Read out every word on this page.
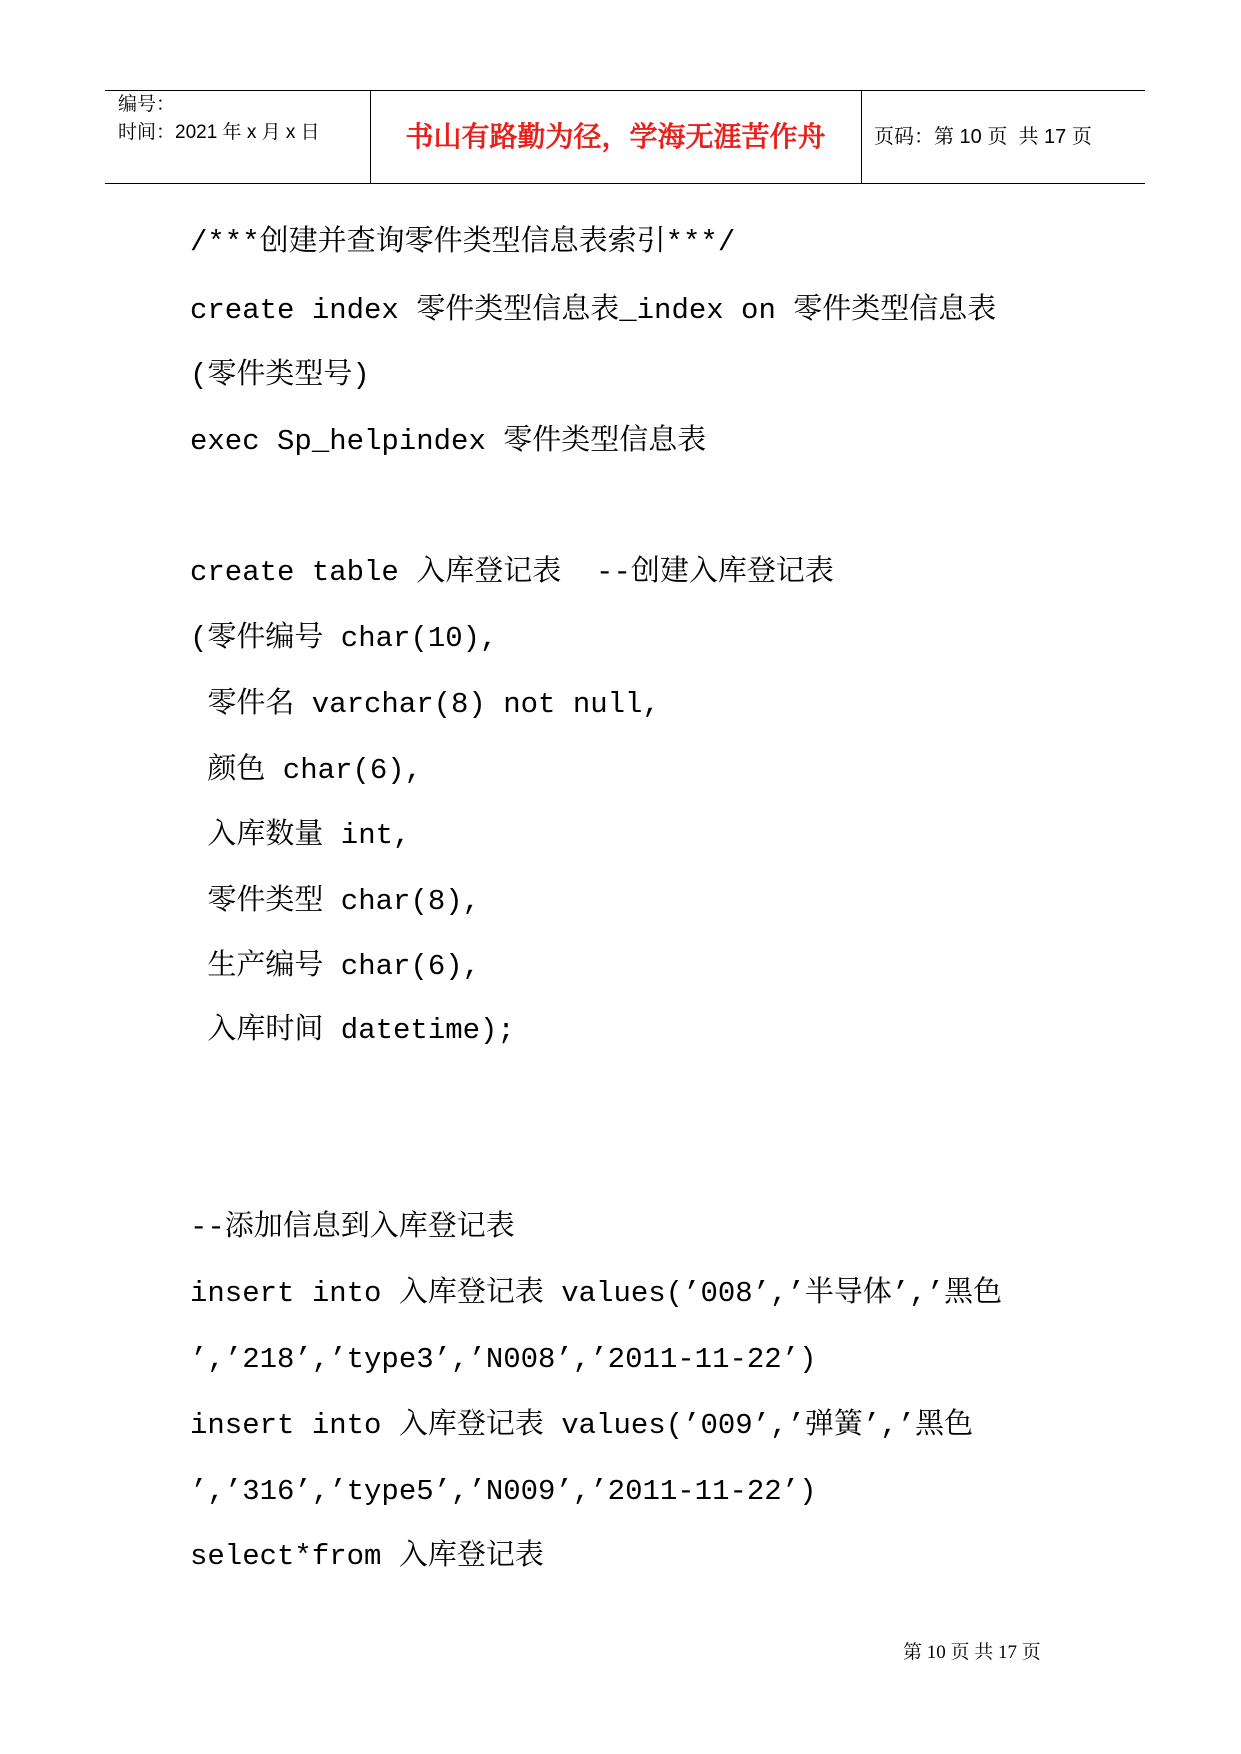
编号：
时间：2021 年 x 月 x 日	书山有路勤为径，学海无涯苦作舟 页码：第 10 页  共 17 页
/***创建并查询零件类型信息表索引***/
create index 零件类型信息表_index on 零件类型信息表
(零件类型号)
exec Sp_helpindex 零件类型信息表
create table 入库登记表  --创建入库登记表
(零件编号 char(10),
零件名 varchar(8) not null,
颜色 char(6),
入库数量 int,
零件类型 char(8),
生产编号 char(6),
入库时间 datetime);
--添加信息到入库登记表
insert into 入库登记表 values(’008’,’半导体’,’黑色
’,’218’,’type3’,’N008’,’2011-11-22’)
insert into 入库登记表 values(’009’,’弹簧’,’黑色
’,’316’,’type5’,’N009’,’2011-11-22’)
select*from 入库登记表
第 10 页 共 17 页
